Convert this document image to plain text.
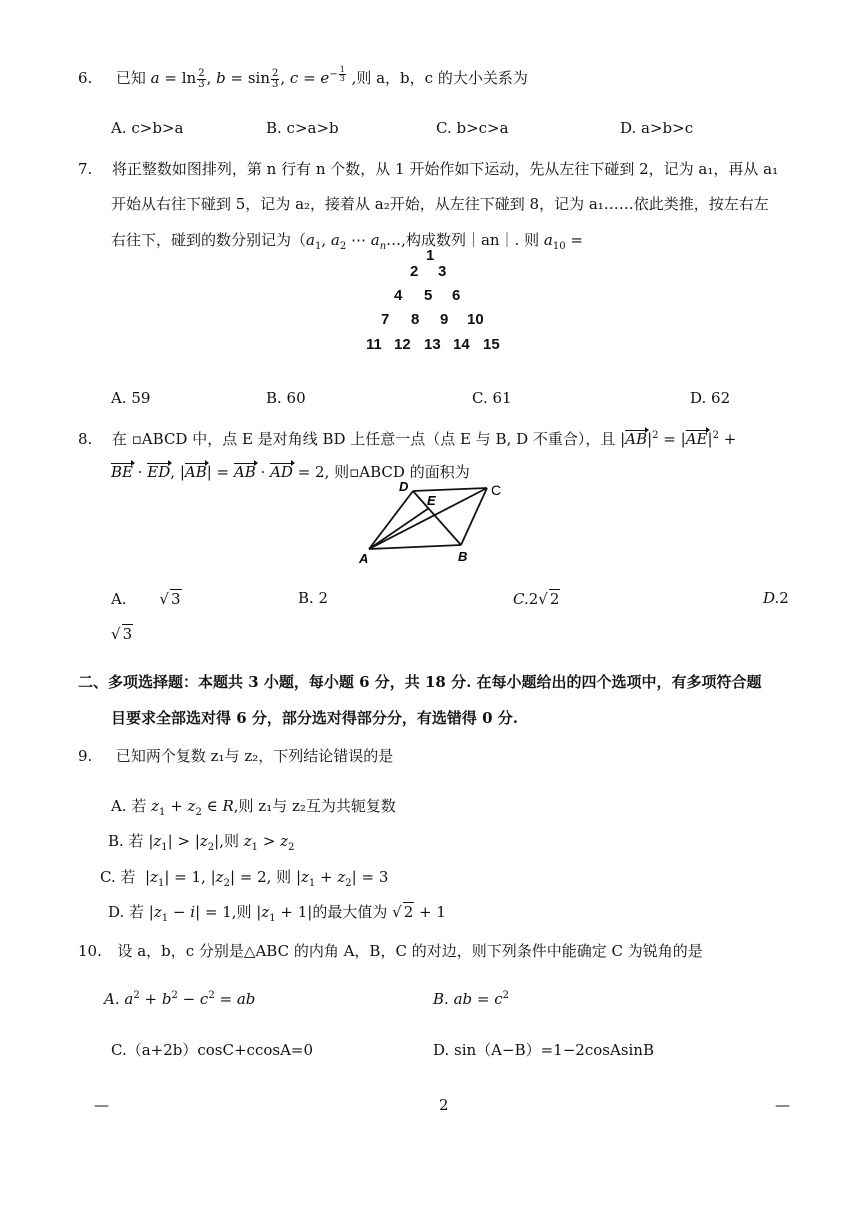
6. 已知 $a = \ln \frac{2}{3}$ , $b = \sin \frac{2}{3}$ , $c = e^{- \frac{1}{3}}$ ,则 a，b，c 的大小关系为
A. c>b>a	B. c>a>b	C. b>c>a	D. a>b>c
7. 将正整数如图排列，第 n 行有 n 个数，从 1 开始作如下运动，先从左往下碰到 2，记为 a₁，再从 a₁
开始从右往下碰到 5，记为 a₂，接着从 a₂开始，从左往下碰到 8，记为 a₁……依此类推，按左右左
右往下，碰到的数分别记为（$a_1$, $a_2$ ⋯ $a_n\dots$,构成数列｜an｜. 则 $a_{10}$ =
1
2 3
4 5 6
7 8 9 10
11 12 13 14 15
A. 59	B. 60	C. 61	D. 62
8. 在 ▫ABCD 中，点 E 是对角线 BD 上任意一点（点 E 与 B, D 不重合），且 $|AB|^2 = |AE|^2$ +
BE · ED, |AB| = AB · AD = 2, 则▫ABCD 的面积为
A	B
C
D
E
A. √ 3	B. 2	C.2√ 2	D.2
√ 3
二、多项选择题：本题共 3 小题，每小题 6 分，共 18 分. 在每小题给出的四个选项中，有多项符合题
目要求全部选对得 6 分，部分选对得部分分，有选错得 0 分.
9. 已知两个复数 z₁与 z₂，下列结论错误的是
A. 若 $z_1 + z_2$ ∈ R,则 z₁与 z₂互为共轭复数
B. 若 $|z_1| > |z_2|$,则 $z_1 > z_2$
C. 若  $|z_1| = 1$, $|z_2| = 2$, 则 $|z_1 + z_2| = 3$
D. 若 $|z_1 - i| = 1$,则 $|z_1 + 1|$的最大值为 √ 2 + 1
10. 设 a，b，c 分别是△ABC 的内角 A，B，C 的对边，则下列条件中能确定 C 为锐角的是
A. $a^2 + b^2 - c^2$ = ab	B. ab = $c^2$
C.（a+2b）cosC+ccosA=0	D. sin（A−B）=1−2cosAsinB
—	2	—
